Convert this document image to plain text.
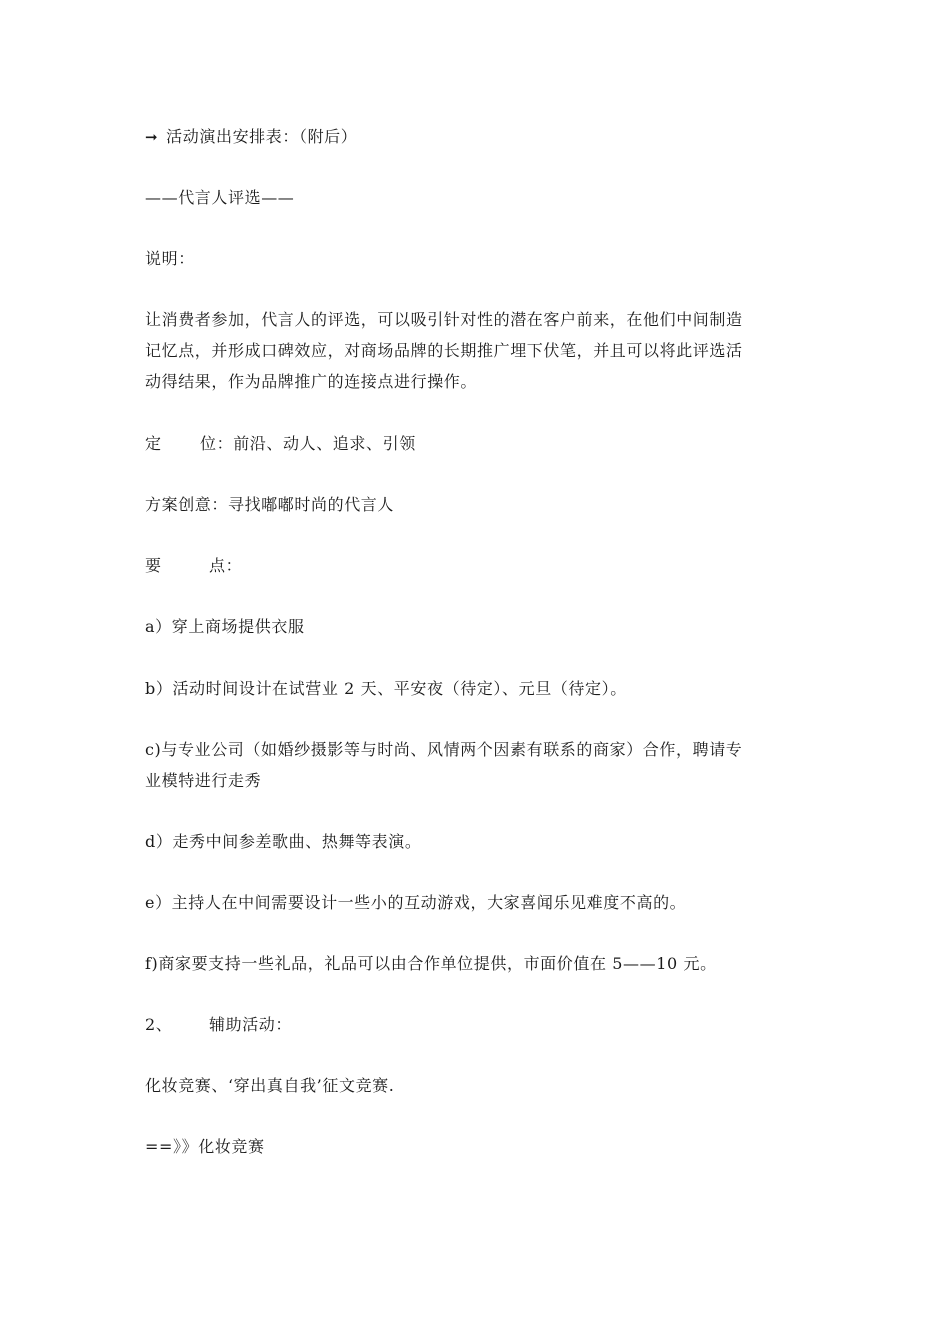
➞ 活动演出安排表：（附后）
——代言人评选——
说明：
让消费者参加，代言人的评选，可以吸引针对性的潜在客户前来，在他们中间制造
记忆点，并形成口碑效应，对商场品牌的长期推广埋下伏笔，并且可以将此评选活
动得结果，作为品牌推广的连接点进行操作。
定 位：前沿、动人、追求、引领
方案创意：寻找嘟嘟时尚的代言人
要	点：
a）穿上商场提供衣服
b）活动时间设计在试营业 2 天、平安夜（待定）、元旦（待定）。
c)与专业公司（如婚纱摄影等与时尚、风情两个因素有联系的商家）合作，聘请专
业模特进行走秀
d）走秀中间参差歌曲、热舞等表演。
e）主持人在中间需要设计一些小的互动游戏，大家喜闻乐见难度不高的。
f)商家要支持一些礼品，礼品可以由合作单位提供，市面价值在 5——10 元。
2、 辅助活动：
化妆竞赛、‘穿出真自我’征文竞赛.
==》》化妆竞赛
